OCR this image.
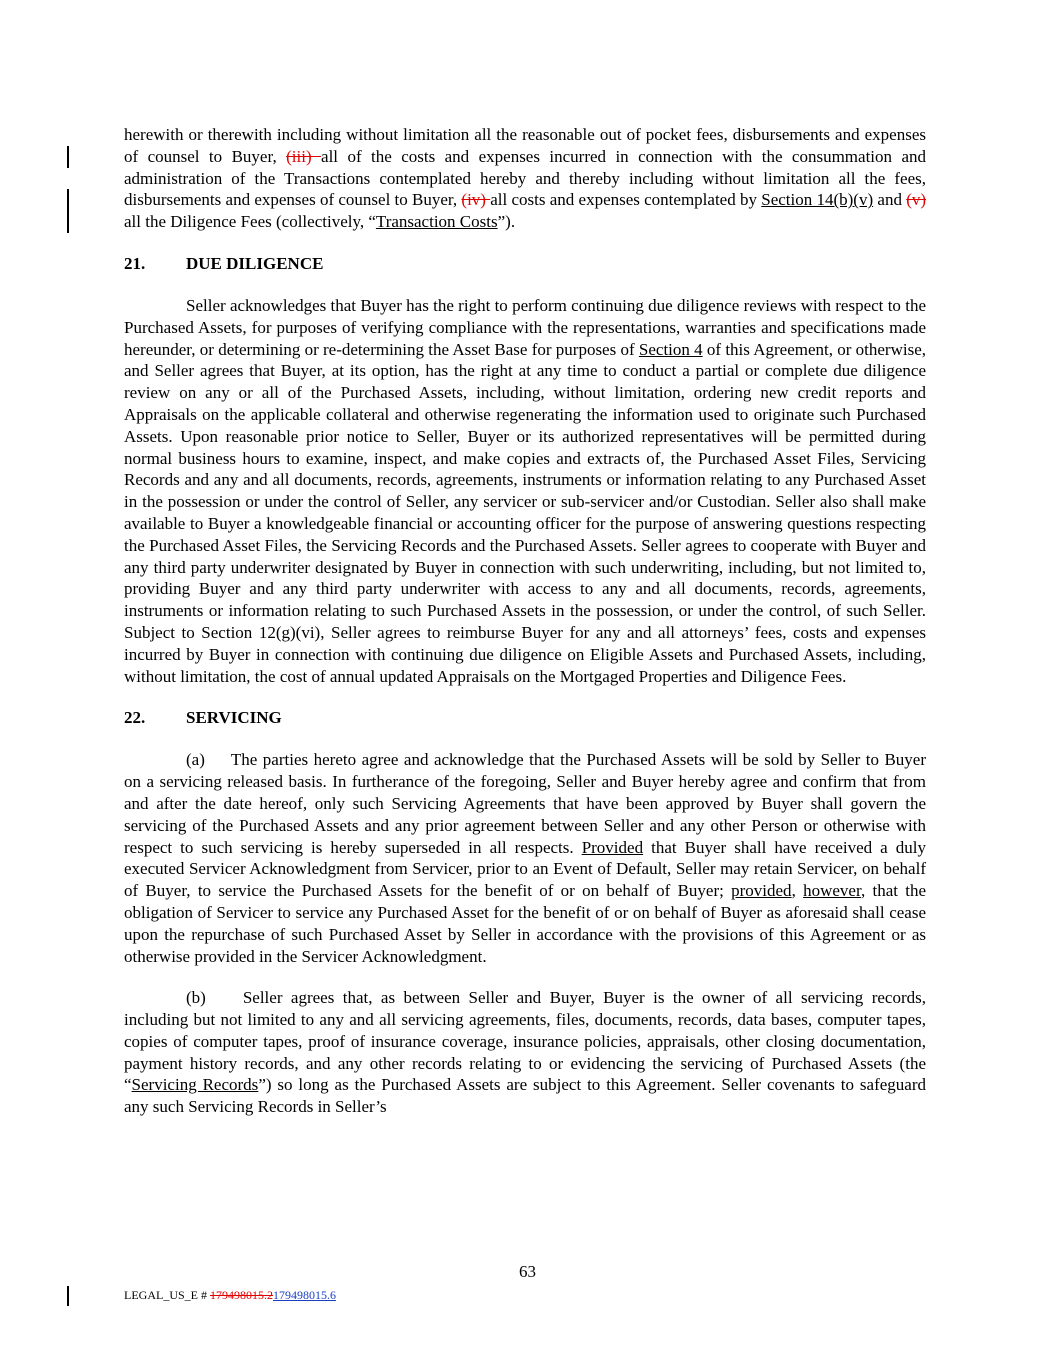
herewith or therewith including without limitation all the reasonable out of pocket fees, disbursements and expenses of counsel to Buyer, (iii) all of the costs and expenses incurred in connection with the consummation and administration of the Transactions contemplated hereby and thereby including without limitation all the fees, disbursements and expenses of counsel to Buyer, (iv) all costs and expenses contemplated by Section 14(b)(v) and (v) all the Diligence Fees (collectively, “Transaction Costs”).

21. DUE DILIGENCE

Seller acknowledges that Buyer has the right to perform continuing due diligence reviews with respect to the Purchased Assets, for purposes of verifying compliance with the representations, warranties and specifications made hereunder, or determining or re-determining the Asset Base for purposes of Section 4 of this Agreement, or otherwise, and Seller agrees that Buyer, at its option, has the right at any time to conduct a partial or complete due diligence review on any or all of the Purchased Assets, including, without limitation, ordering new credit reports and Appraisals on the applicable collateral and otherwise regenerating the information used to originate such Purchased Assets. Upon reasonable prior notice to Seller, Buyer or its authorized representatives will be permitted during normal business hours to examine, inspect, and make copies and extracts of, the Purchased Asset Files, Servicing Records and any and all documents, records, agreements, instruments or information relating to any Purchased Asset in the possession or under the control of Seller, any servicer or sub-servicer and/or Custodian. Seller also shall make available to Buyer a knowledgeable financial or accounting officer for the purpose of answering questions respecting the Purchased Asset Files, the Servicing Records and the Purchased Assets. Seller agrees to cooperate with Buyer and any third party underwriter designated by Buyer in connection with such underwriting, including, but not limited to, providing Buyer and any third party underwriter with access to any and all documents, records, agreements, instruments or information relating to such Purchased Assets in the possession, or under the control, of such Seller. Subject to Section 12(g)(vi), Seller agrees to reimburse Buyer for any and all attorneys’ fees, costs and expenses incurred by Buyer in connection with continuing due diligence on Eligible Assets and Purchased Assets, including, without limitation, the cost of annual updated Appraisals on the Mortgaged Properties and Diligence Fees.

22. SERVICING

(a) The parties hereto agree and acknowledge that the Purchased Assets will be sold by Seller to Buyer on a servicing released basis. In furtherance of the foregoing, Seller and Buyer hereby agree and confirm that from and after the date hereof, only such Servicing Agreements that have been approved by Buyer shall govern the servicing of the Purchased Assets and any prior agreement between Seller and any other Person or otherwise with respect to such servicing is hereby superseded in all respects. Provided that Buyer shall have received a duly executed Servicer Acknowledgment from Servicer, prior to an Event of Default, Seller may retain Servicer, on behalf of Buyer, to service the Purchased Assets for the benefit of or on behalf of Buyer; provided, however, that the obligation of Servicer to service any Purchased Asset for the benefit of or on behalf of Buyer as aforesaid shall cease upon the repurchase of such Purchased Asset by Seller in accordance with the provisions of this Agreement or as otherwise provided in the Servicer Acknowledgment.

(b) Seller agrees that, as between Seller and Buyer, Buyer is the owner of all servicing records, including but not limited to any and all servicing agreements, files, documents, records, data bases, computer tapes, copies of computer tapes, proof of insurance coverage, insurance policies, appraisals, other closing documentation, payment history records, and any other records relating to or evidencing the servicing of Purchased Assets (the “Servicing Records”) so long as the Purchased Assets are subject to this Agreement. Seller covenants to safeguard any such Servicing Records in Seller’s

63
LEGAL_US_E # 179498015.2179498015.6
